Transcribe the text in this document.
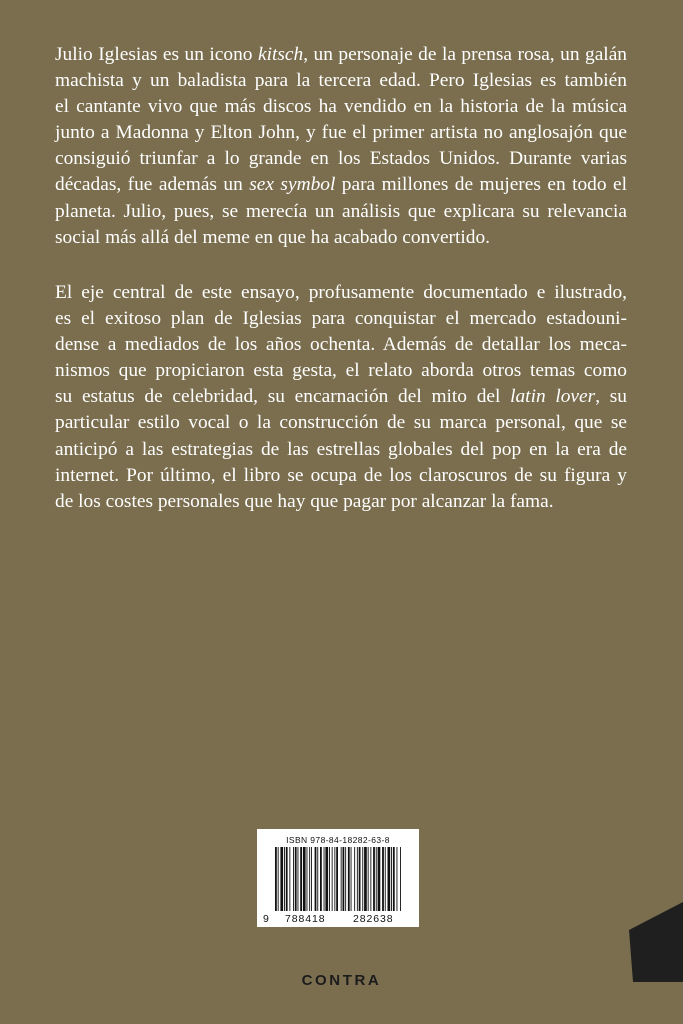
Julio Iglesias es un icono kitsch, un personaje de la prensa rosa, un galán
machista y un baladista para la tercera edad. Pero Iglesias es también
el cantante vivo que más discos ha vendido en la historia de la música
junto a Madonna y Elton John, y fue el primer artista no anglosajón que
consiguió triunfar a lo grande en los Estados Unidos. Durante varias
décadas, fue además un sex symbol para millones de mujeres en todo el
planeta. Julio, pues, se merecía un análisis que explicara su relevancia
social más allá del meme en que ha acabado convertido.
El eje central de este ensayo, profusamente documentado e ilustrado,
es el exitoso plan de Iglesias para conquistar el mercado estadouni-
dense a mediados de los años ochenta. Además de detallar los meca-
nismos que propiciaron esta gesta, el relato aborda otros temas como
su estatus de celebridad, su encarnación del mito del latin lover, su
particular estilo vocal o la construcción de su marca personal, que se
anticipó a las estrategias de las estrellas globales del pop en la era de
internet. Por último, el libro se ocupa de los claroscuros de su figura y
de los costes personales que hay que pagar por alcanzar la fama.
ISBN 978-84-18282-63-8
9 788418	282638
CONTRA
